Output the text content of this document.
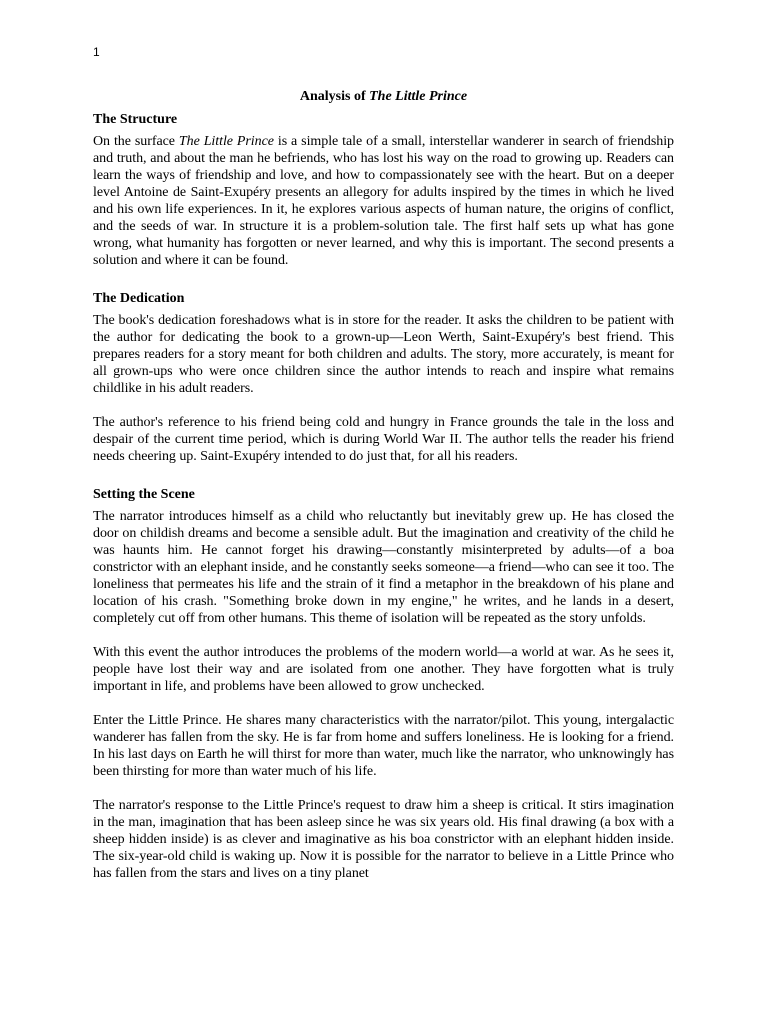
1
Analysis of The Little Prince
The Structure

On the surface The Little Prince is a simple tale of a small, interstellar wanderer in search of friendship and truth, and about the man he befriends, who has lost his way on the road to growing up. Readers can learn the ways of friendship and love, and how to compassionately see with the heart. But on a deeper level Antoine de Saint-Exupéry presents an allegory for adults inspired by the times in which he lived and his own life experiences. In it, he explores various aspects of human nature, the origins of conflict, and the seeds of war. In structure it is a problem-solution tale. The first half sets up what has gone wrong, what humanity has forgotten or never learned, and why this is important. The second presents a solution and where it can be found.

The Dedication

The book's dedication foreshadows what is in store for the reader. It asks the children to be patient with the author for dedicating the book to a grown-up—Leon Werth, Saint-Exupéry's best friend. This prepares readers for a story meant for both children and adults. The story, more accurately, is meant for all grown-ups who were once children since the author intends to reach and inspire what remains childlike in his adult readers.

The author's reference to his friend being cold and hungry in France grounds the tale in the loss and despair of the current time period, which is during World War II. The author tells the reader his friend needs cheering up. Saint-Exupéry intended to do just that, for all his readers.

Setting the Scene

The narrator introduces himself as a child who reluctantly but inevitably grew up. He has closed the door on childish dreams and become a sensible adult. But the imagination and creativity of the child he was haunts him. He cannot forget his drawing—constantly misinterpreted by adults—of a boa constrictor with an elephant inside, and he constantly seeks someone—a friend—who can see it too. The loneliness that permeates his life and the strain of it find a metaphor in the breakdown of his plane and location of his crash. "Something broke down in my engine," he writes, and he lands in a desert, completely cut off from other humans. This theme of isolation will be repeated as the story unfolds.

With this event the author introduces the problems of the modern world—a world at war. As he sees it, people have lost their way and are isolated from one another. They have forgotten what is truly important in life, and problems have been allowed to grow unchecked.

Enter the Little Prince. He shares many characteristics with the narrator/pilot. This young, intergalactic wanderer has fallen from the sky. He is far from home and suffers loneliness. He is looking for a friend. In his last days on Earth he will thirst for more than water, much like the narrator, who unknowingly has been thirsting for more than water much of his life.

The narrator's response to the Little Prince's request to draw him a sheep is critical. It stirs imagination in the man, imagination that has been asleep since he was six years old. His final drawing (a box with a sheep hidden inside) is as clever and imaginative as his boa constrictor with an elephant hidden inside. The six-year-old child is waking up. Now it is possible for the narrator to believe in a Little Prince who has fallen from the stars and lives on a tiny planet
